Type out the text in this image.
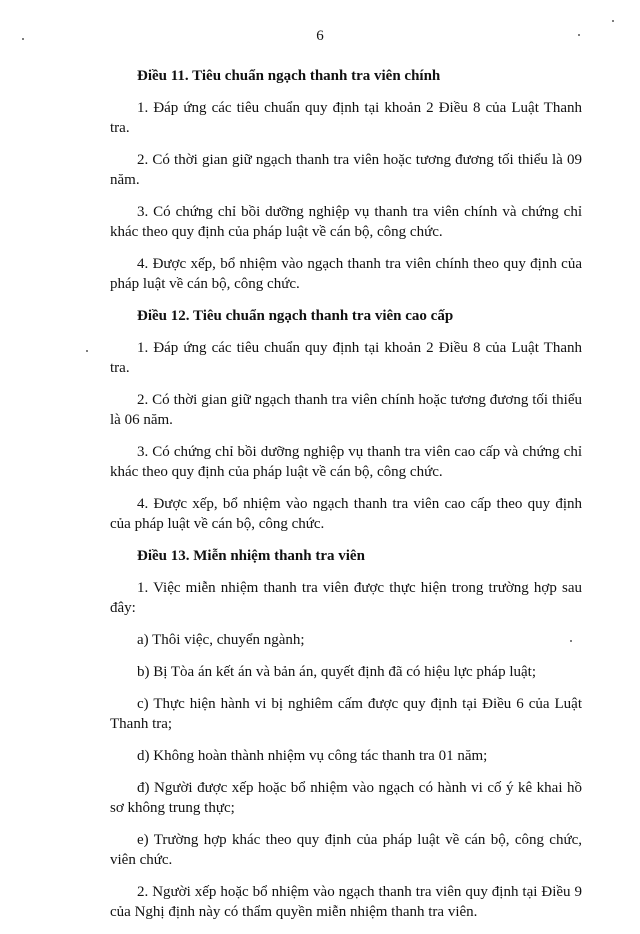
6
Điều 11. Tiêu chuẩn ngạch thanh tra viên chính

1. Đáp ứng các tiêu chuẩn quy định tại khoản 2 Điều 8 của Luật Thanh tra.

2. Có thời gian giữ ngạch thanh tra viên hoặc tương đương tối thiểu là 09 năm.

3. Có chứng chỉ bồi dưỡng nghiệp vụ thanh tra viên chính và chứng chỉ khác theo quy định của pháp luật về cán bộ, công chức.

4. Được xếp, bổ nhiệm vào ngạch thanh tra viên chính theo quy định của pháp luật về cán bộ, công chức.

Điều 12. Tiêu chuẩn ngạch thanh tra viên cao cấp

1. Đáp ứng các tiêu chuẩn quy định tại khoản 2 Điều 8 của Luật Thanh tra.

2. Có thời gian giữ ngạch thanh tra viên chính hoặc tương đương tối thiểu là 06 năm.

3. Có chứng chỉ bồi dưỡng nghiệp vụ thanh tra viên cao cấp và chứng chỉ khác theo quy định của pháp luật về cán bộ, công chức.

4. Được xếp, bổ nhiệm vào ngạch thanh tra viên cao cấp theo quy định của pháp luật về cán bộ, công chức.

Điều 13. Miễn nhiệm thanh tra viên

1. Việc miễn nhiệm thanh tra viên được thực hiện trong trường hợp sau đây:

a) Thôi việc, chuyển ngành;

b) Bị Tòa án kết án và bản án, quyết định đã có hiệu lực pháp luật;

c) Thực hiện hành vi bị nghiêm cấm được quy định tại Điều 6 của Luật Thanh tra;

d) Không hoàn thành nhiệm vụ công tác thanh tra 01 năm;

đ) Người được xếp hoặc bổ nhiệm vào ngạch có hành vi cố ý kê khai hồ sơ không trung thực;

e) Trường hợp khác theo quy định của pháp luật về cán bộ, công chức, viên chức.

2. Người xếp hoặc bổ nhiệm vào ngạch thanh tra viên quy định tại Điều 9 của Nghị định này có thẩm quyền miễn nhiệm thanh tra viên.
